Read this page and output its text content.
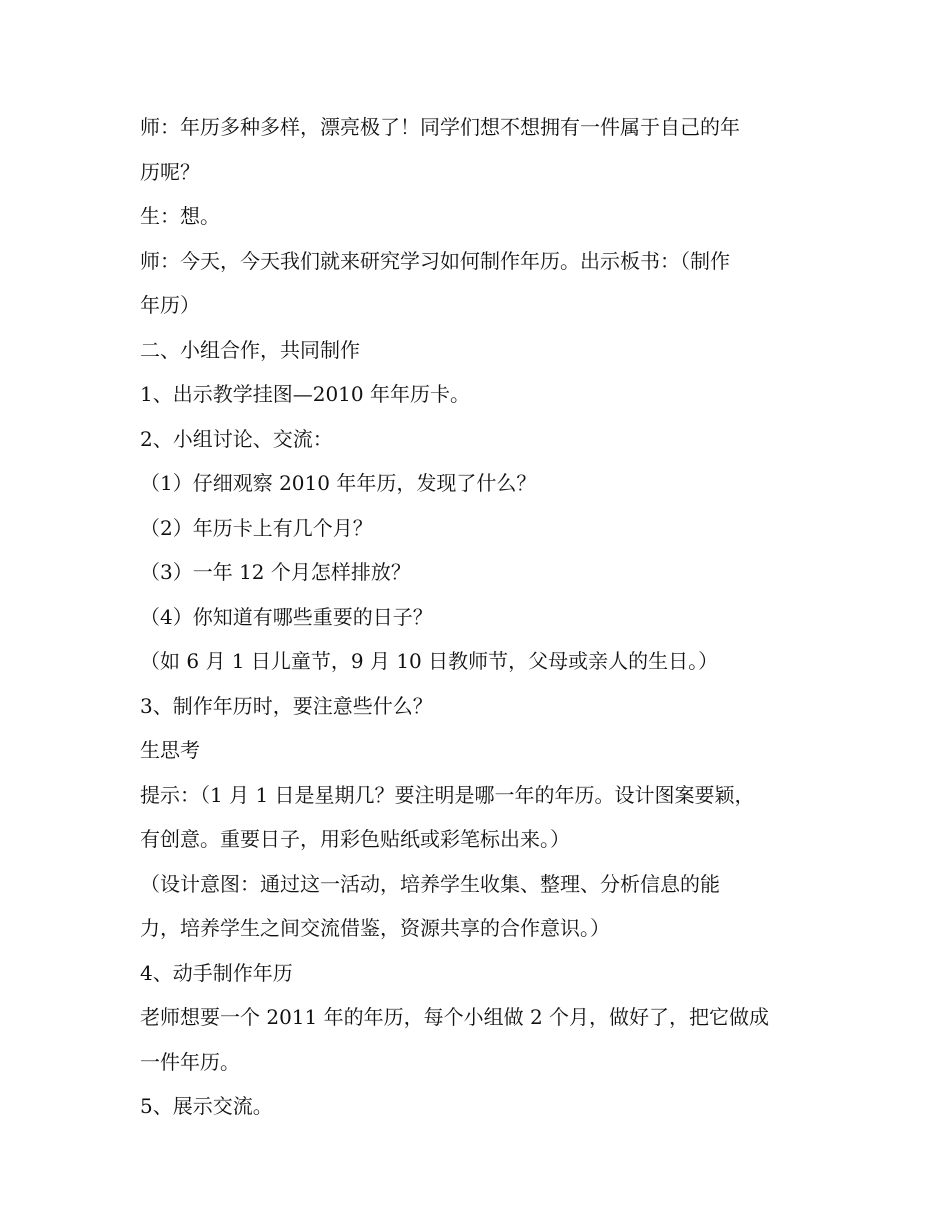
师：年历多种多样，漂亮极了！同学们想不想拥有一件属于自己的年
历呢？
生：想。
师：今天，今天我们就来研究学习如何制作年历。出示板书：（制作
年历）
二、小组合作，共同制作
1、出示教学挂图—2010 年年历卡。
2、小组讨论、交流：
（1）仔细观察 2010 年年历，发现了什么？
（2）年历卡上有几个月？
（3）一年 12 个月怎样排放？
（4）你知道有哪些重要的日子？
（如 6 月 1 日儿童节，9 月 10 日教师节，父母或亲人的生日。）
3、制作年历时，要注意些什么？
生思考
提示：（1 月 1 日是星期几？要注明是哪一年的年历。设计图案要颖，
有创意。重要日子，用彩色贴纸或彩笔标出来。）
（设计意图：通过这一活动，培养学生收集、整理、分析信息的能
力，培养学生之间交流借鉴，资源共享的合作意识。）
4、动手制作年历
老师想要一个 2011 年的年历，每个小组做 2 个月，做好了，把它做成
一件年历。
5、展示交流。
